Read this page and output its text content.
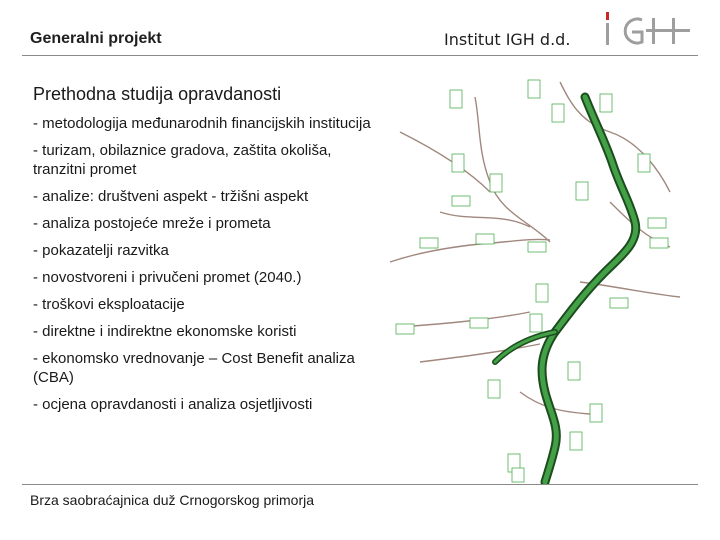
Generalni projekt	Institut IGH d.d.
Prethodna studija opravdanosti
- metodologija međunarodnih financijskih institucija
- turizam, obilaznice gradova, zaštita okoliša, tranzitni promet
- analize: društveni aspekt - tržišni aspekt
- analiza postojeće mreže i prometa
- pokazatelji razvitka
- novostvoreni i privučeni promet (2040.)
- troškovi eksploatacije
- direktne i indirektne ekonomske koristi
- ekonomsko vrednovanje – Cost Benefit analiza (CBA)
- ocjena opravdanosti i analiza osjetljivosti
Brza saobraćajnica duž Crnogorskog primorja
